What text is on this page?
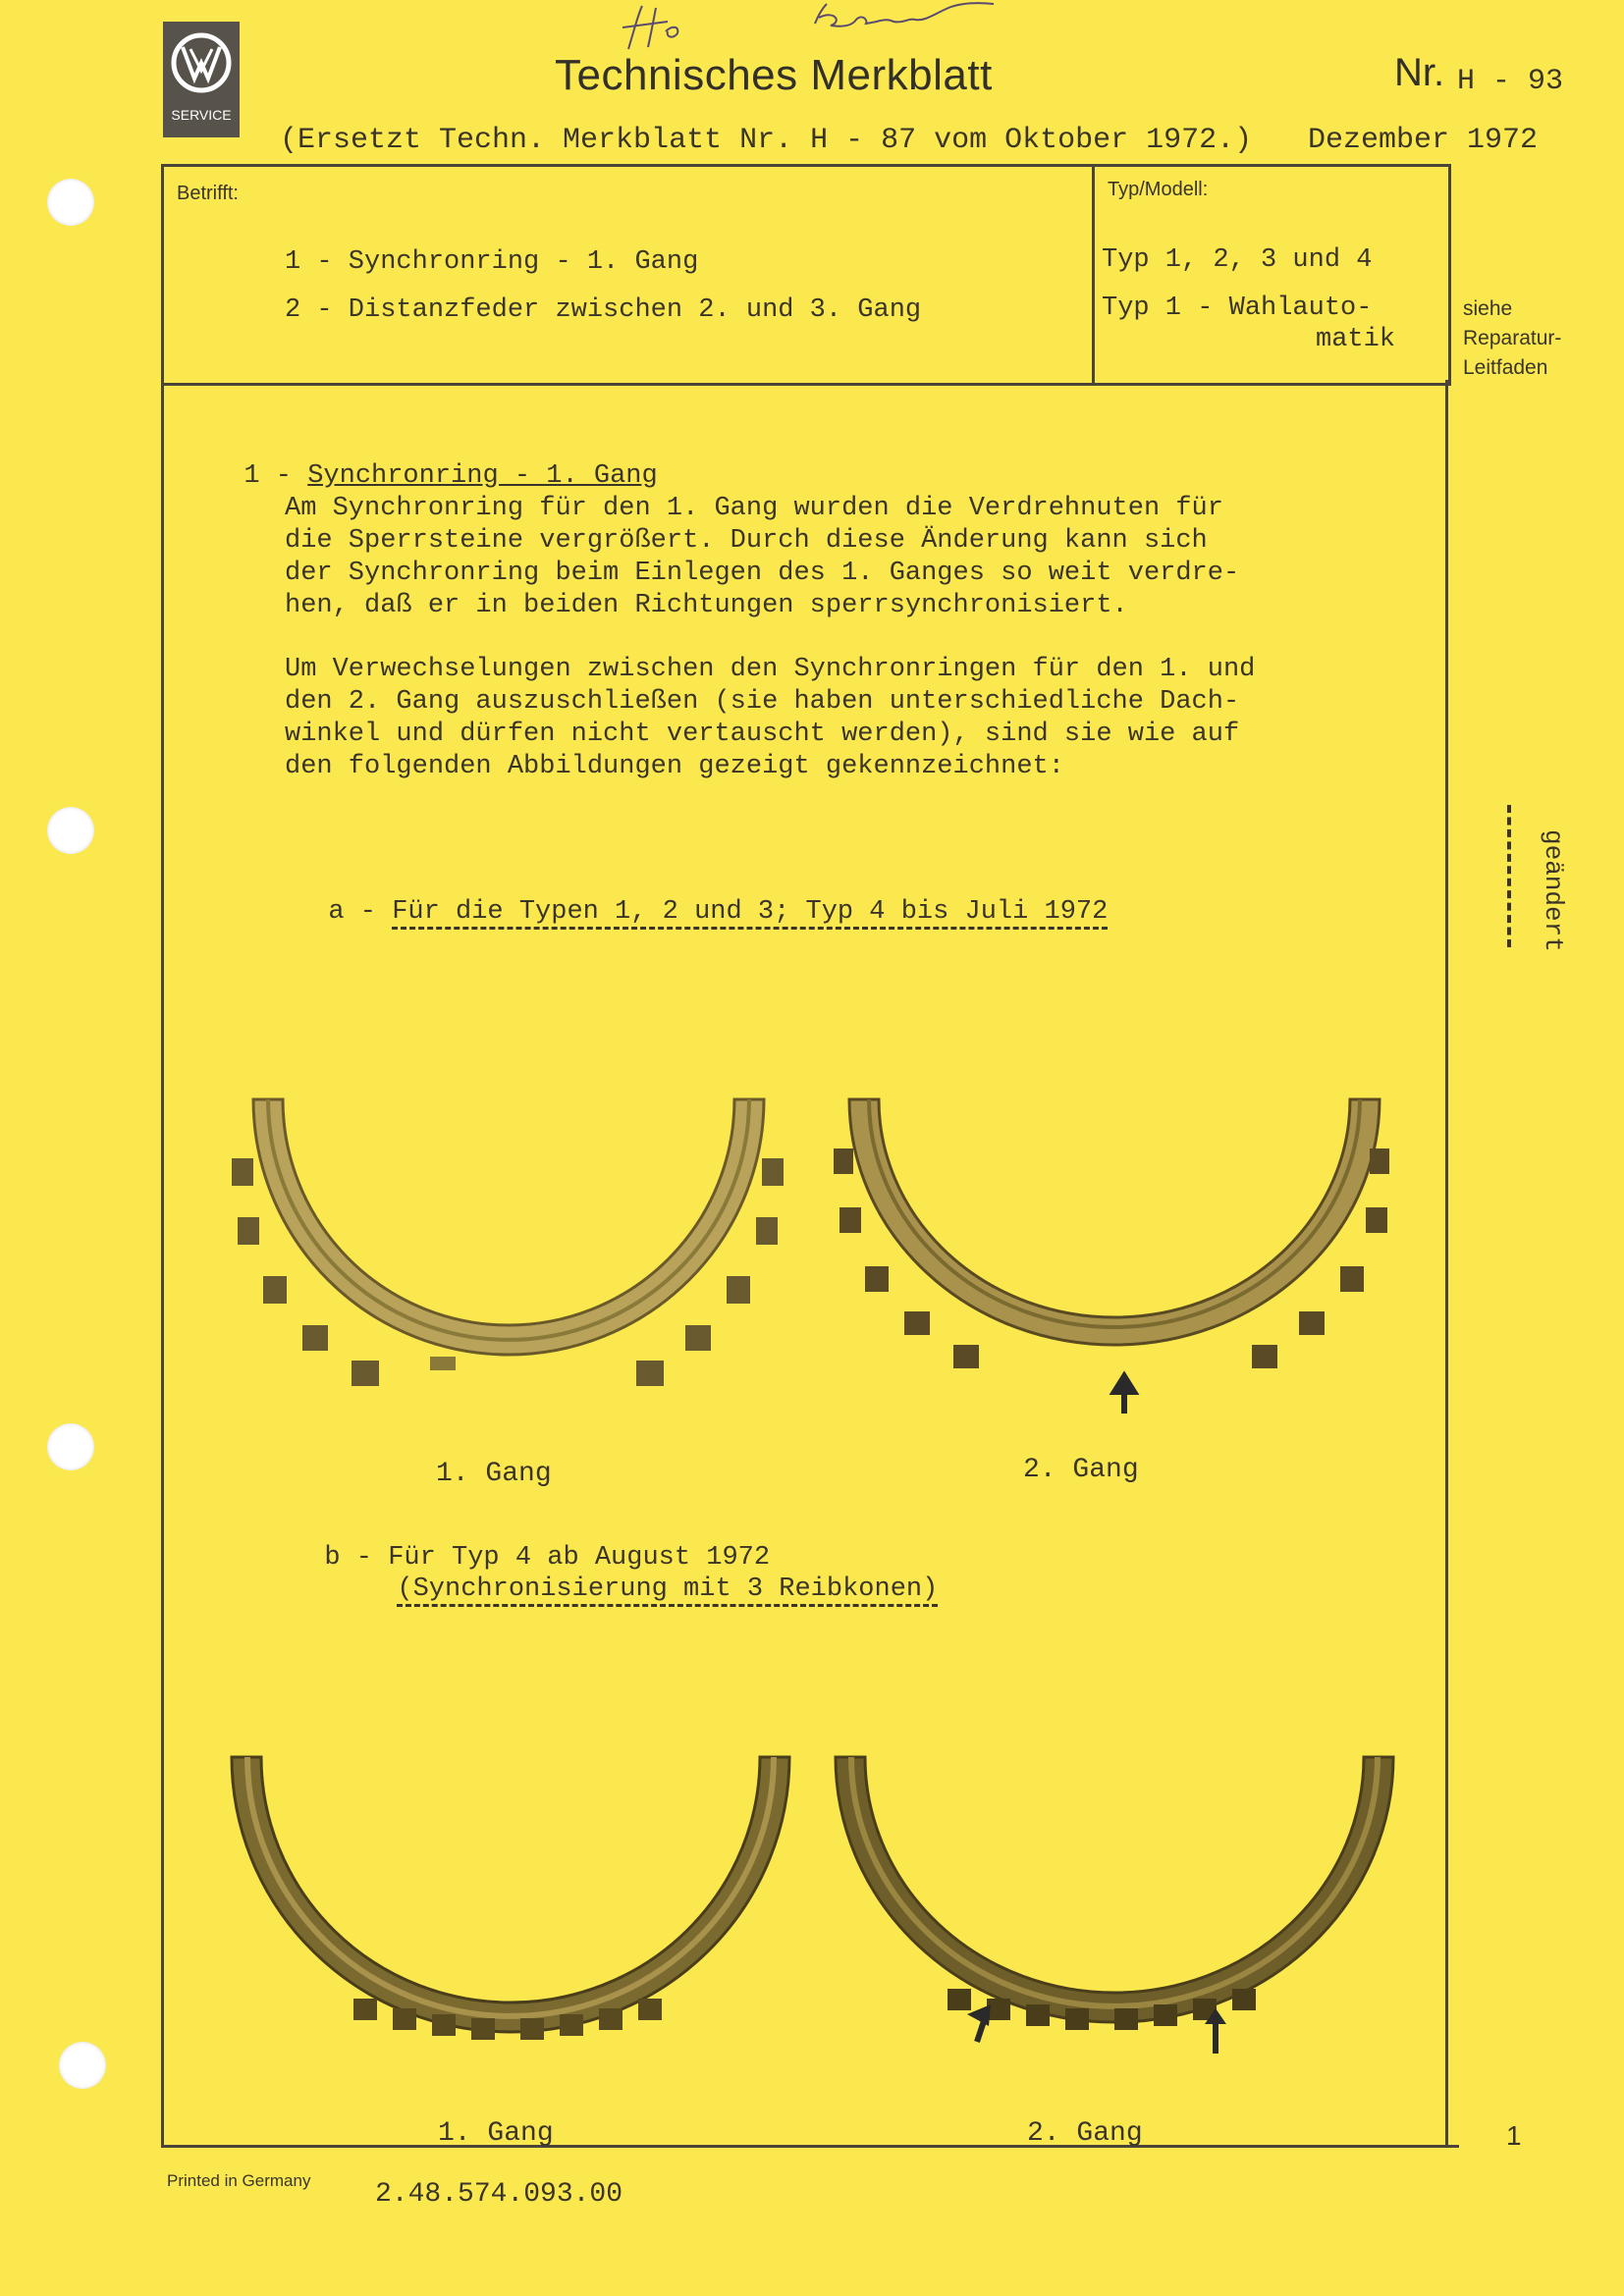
SERVICE
Technisches Merkblatt	Nr. H - 93
(Ersetzt Techn. Merkblatt Nr. H - 87 vom Oktober 1972.) Dezember 1972
Betrifft:	Typ/Modell:
1 - Synchronring - 1. Gang
2 - Distanzfeder zwischen 2. und 3. Gang
Typ 1, 2, 3 und 4
Typ 1 - Wahlauto-
matik
siehe
Reparatur-
Leitfaden
geändert

1 - Synchronring - 1. Gang

Am Synchronring für den 1. Gang wurden die Verdrehnuten für
die Sperrsteine vergrößert. Durch diese Änderung kann sich
der Synchronring beim Einlegen des 1. Ganges so weit verdre-
hen, daß er in beiden Richtungen sperrsynchronisiert.
Um Verwechselungen zwischen den Synchronringen für den 1. und
den 2. Gang auszuschließen (sie haben unterschiedliche Dach-
winkel und dürfen nicht vertauscht werden), sind sie wie auf
den folgenden Abbildungen gezeigt gekennzeichnet:

a - Für die Typen 1, 2 und 3; Typ 4 bis Juli 1972

1. Gang	2. Gang

b - Für Typ 4 ab August 1972

(Synchronisierung mit 3 Reibkonen)

1. Gang	2. Gang
Printed in Germany 2.48.574.093.00
1
